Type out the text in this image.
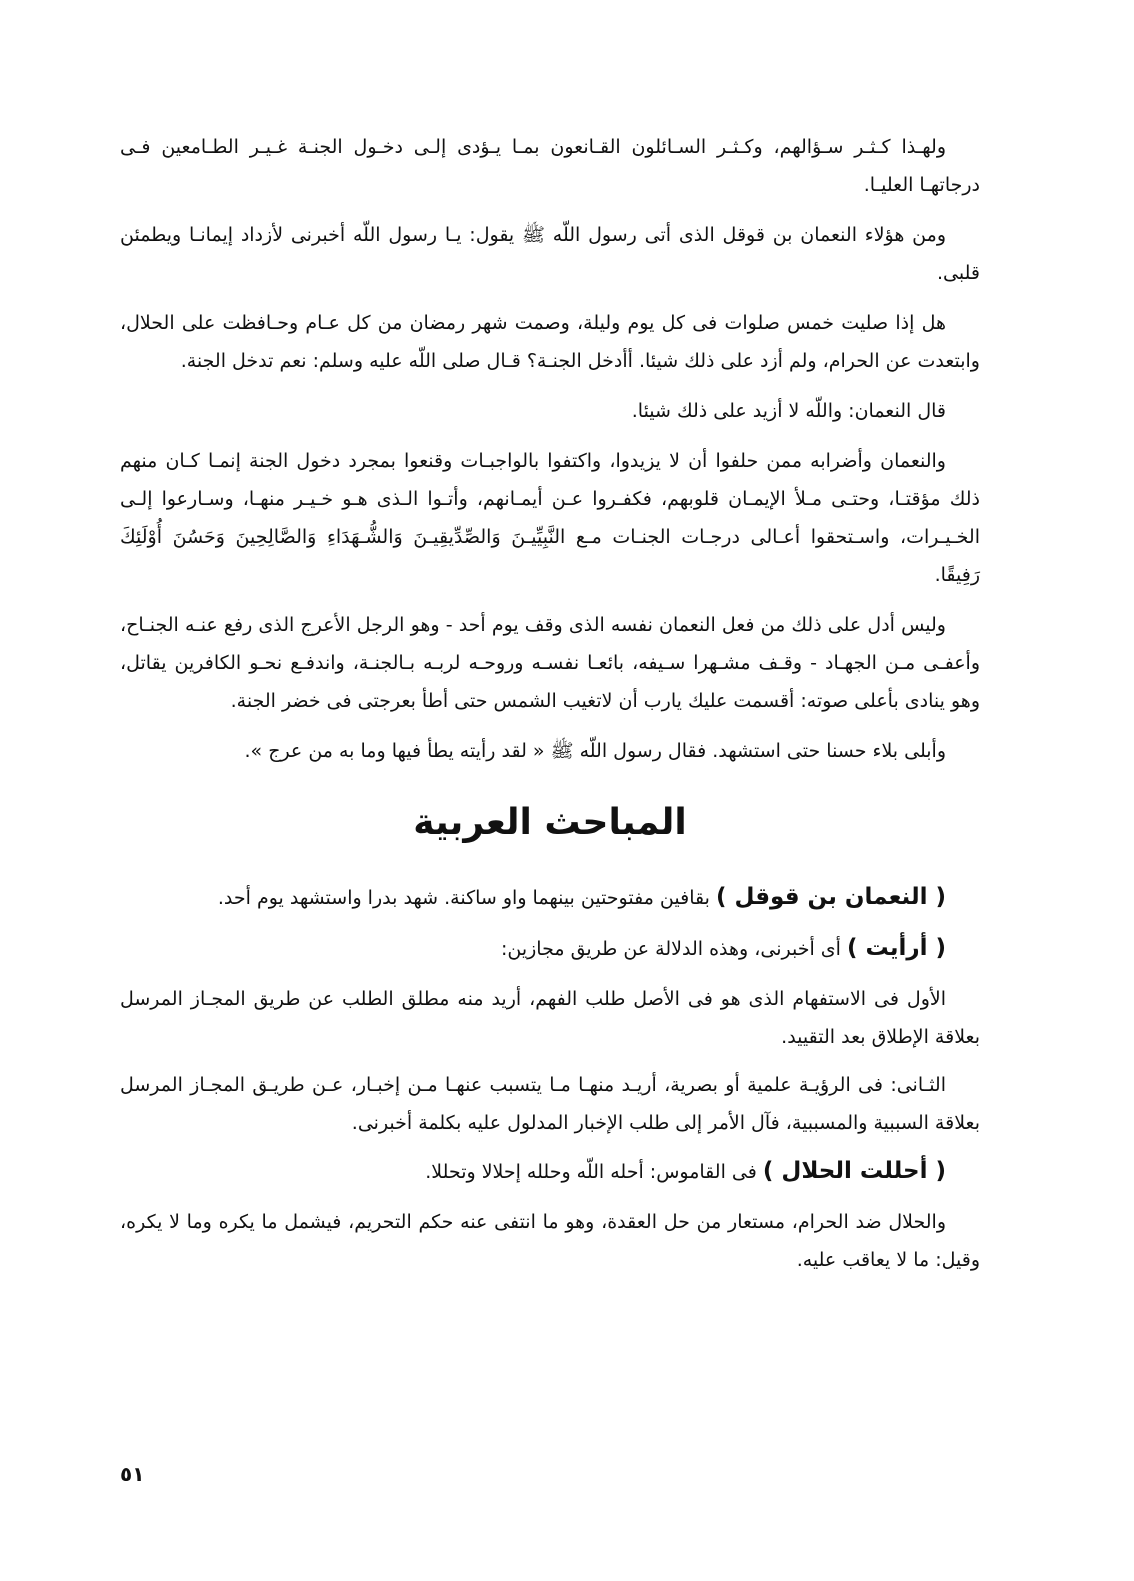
ولهـذا كـثـر سـؤالهم، وكـثـر السـائلون القـانعون بمـا يـؤدى إلـى دخـول الجنـة غـيـر الطـامعين فـى درجاتهـا العليـا.

ومن هؤلاء النعمان بن قوقل الذى أتى رسول اللّه ﷺ يقول: يـا رسول اللّه أخبرنى لأزداد إيمانـا ويطمئن قلبى.

هل إذا صليت خمس صلوات فى كل يوم وليلة، وصمت شهر رمضان من كل عـام وحـافظت على الحلال، وابتعدت عن الحرام، ولم أزد على ذلك شيئا. أأدخل الجنـة؟ قـال صلى اللّه عليه وسلم: نعم تدخل الجنة.

قال النعمان: واللّه لا أزيد على ذلك شيئا.

والنعمان وأضرابه ممن حلفوا أن لا يزيدوا، واكتفوا بالواجبـات وقنعوا بمجرد دخول الجنة إنمـا كـان منهم ذلك مؤقتـا، وحتـى مـلأ الإيمـان قلوبهم، فكفـروا عـن أيمـانهم، وأتـوا الـذى هـو خـيـر منهـا، وسـارعوا إلـى الخـيـرات، واسـتحقوا أعـالى درجـات الجنـات مـع النَّبِيِّيـنَ وَالصِّدِّيقِيـنَ وَالشُّـهَدَاءِ وَالصَّالِحِينَ وَحَسُنَ أُوْلَئِكَ رَفِيقًا.

وليس أدل على ذلك من فعل النعمان نفسه الذى وقف يوم أحد - وهو الرجل الأعرج الذى رفع عنـه الجنـاح، وأعفـى مـن الجهـاد - وقـف مشـهرا سـيفه، بائعـا نفسـه وروحـه لربـه بـالجنـة، واندفـع نحـو الكافرين يقاتل، وهو ينادى بأعلى صوته: أقسمت عليك يارب أن لاتغيب الشمس حتى أطأ بعرجتى فى خضر الجنة.

وأبلى بلاء حسنا حتى استشهد. فقال رسول اللّه ﷺ « لقد رأيته يطأ فيها وما به من عرج ».

المباحث العربية

( النعمان بن قوقل ) بقافين مفتوحتين بينهما واو ساكنة. شهد بدرا واستشهد يوم أحد.

( أرأيت ) أى أخبرنى، وهذه الدلالة عن طريق مجازين:

الأول فى الاستفهام الذى هو فى الأصل طلب الفهم، أريد منه مطلق الطلب عن طريق المجـاز المرسل بعلاقة الإطلاق بعد التقييد.

الثـانى: فى الرؤيـة علمية أو بصرية، أريـد منهـا مـا يتسبب عنهـا مـن إخبـار، عـن طريـق المجـاز المرسل بعلاقة السببية والمسببية، فآل الأمر إلى طلب الإخبار المدلول عليه بكلمة أخبرنى.

( أحللت الحلال ) فى القاموس: أحله اللّه وحلله إحلالا وتحللا.

والحلال ضد الحرام، مستعار من حل العقدة، وهو ما انتفى عنه حكم التحريم، فيشمل ما يكره وما لا يكره، وقيل: ما لا يعاقب عليه.

٥١
